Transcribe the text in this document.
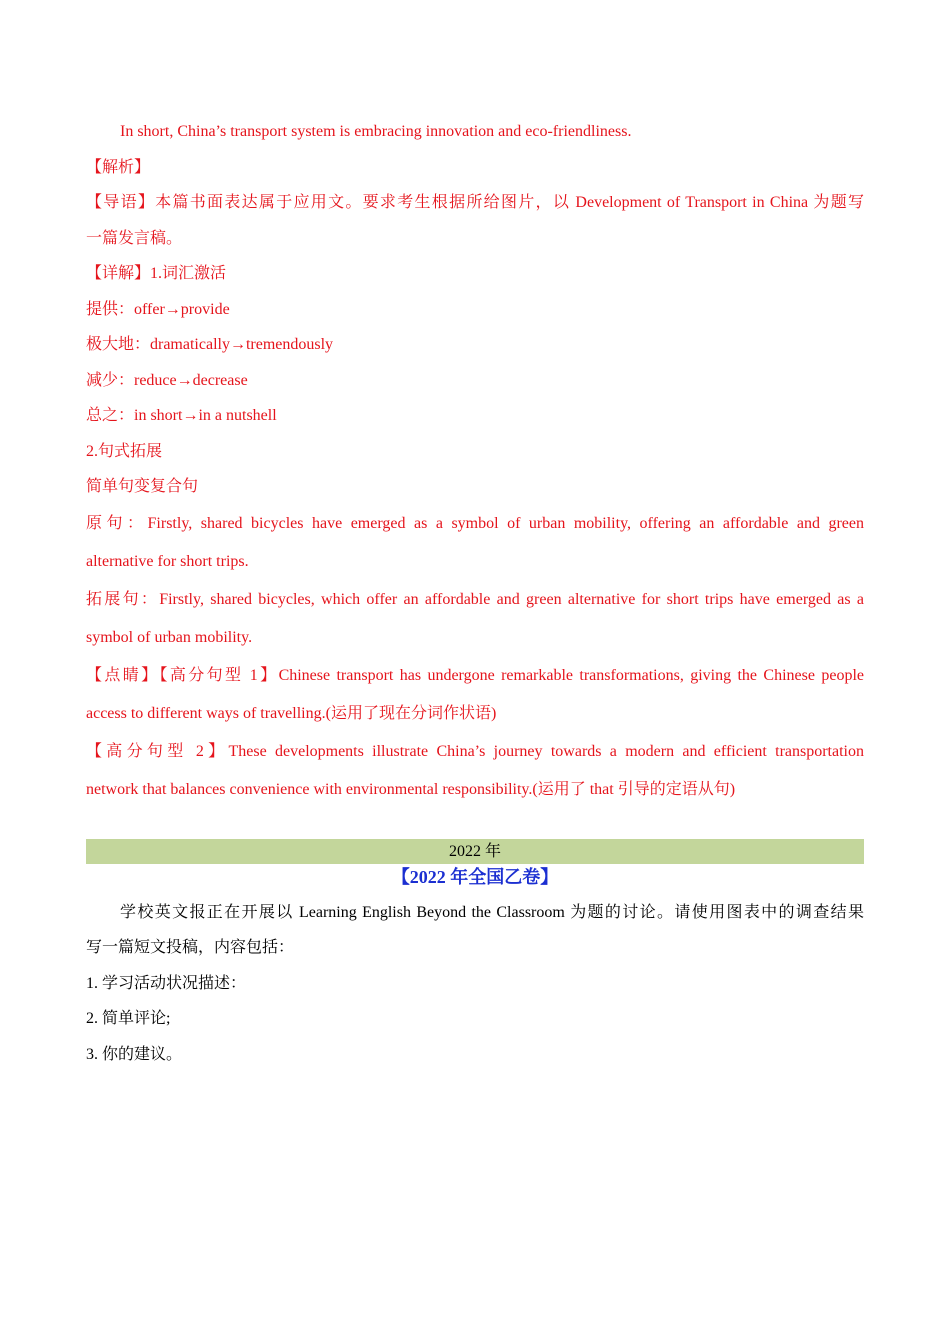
In short, China’s transport system is embracing innovation and eco-friendliness.

【解析】

【导语】本篇书面表达属于应用文。要求考生根据所给图片，以 Development of Transport in China 为题写

一篇发言稿。

【详解】1.词汇激活

提供：offer→provide

极大地：dramatically→tremendously

减少：reduce→decrease

总之：in short→in a nutshell

2.句式拓展

简单句变复合句

原句：Firstly, shared bicycles have emerged as a symbol of urban mobility, offering an affordable and green

alternative for short trips.

拓展句：Firstly, shared bicycles, which offer an affordable and green alternative for short trips have emerged as a

symbol of urban mobility.

【点睛】【高分句型 1】Chinese transport has undergone remarkable transformations, giving the Chinese people

access to different ways of travelling.(运用了现在分词作状语)

【高分句型 2】These developments illustrate China’s journey towards a modern and efficient transportation

network that balances convenience with environmental responsibility.(运用了 that 引导的定语从句)

2022 年

【2022 年全国乙卷】

学校英文报正在开展以 Learning English Beyond the Classroom 为题的讨论。请使用图表中的调查结果

写一篇短文投稿，内容包括：

1. 学习活动状况描述：

2. 简单评论;

3. 你的建议。
